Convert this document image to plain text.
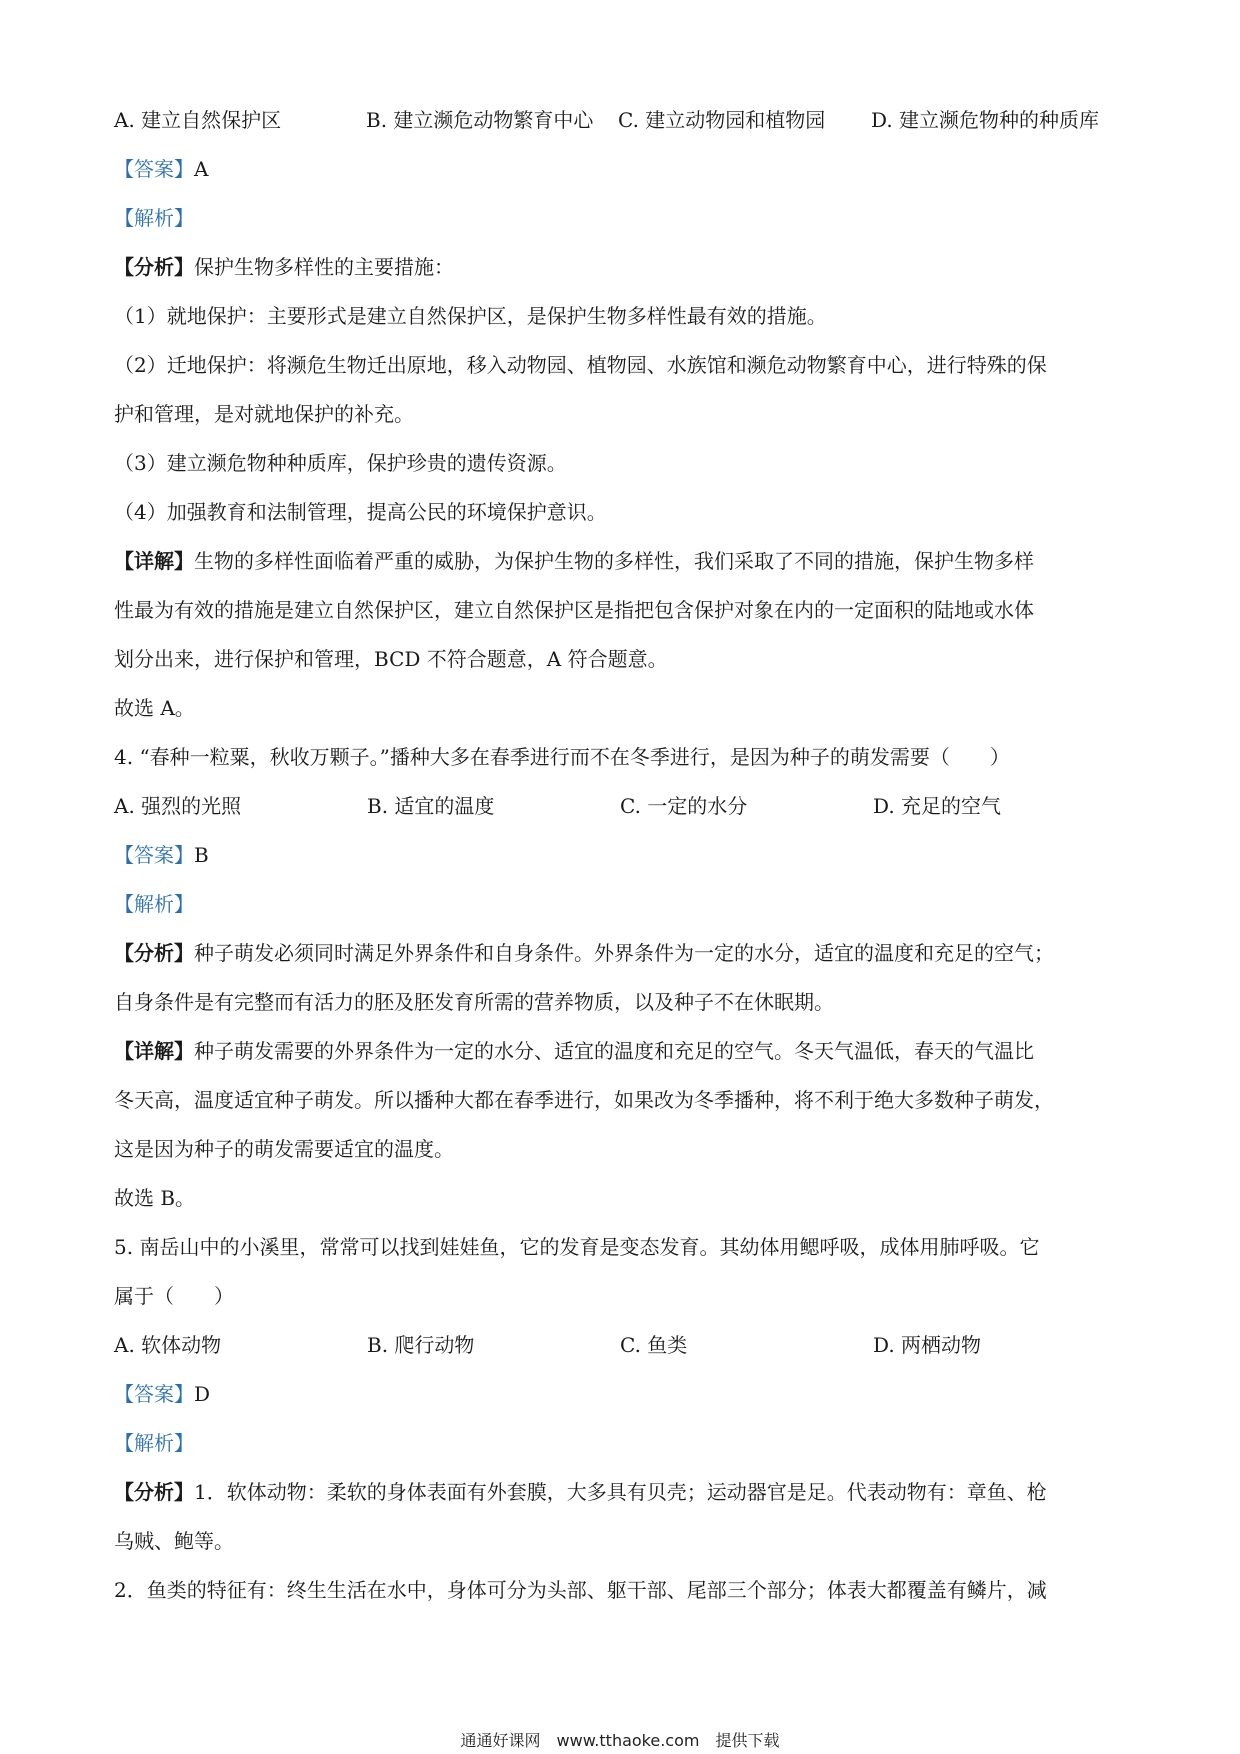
A. 建立自然保护区	B. 建立濒危动物繁育中心	C. 建立动物园和植物园	D. 建立濒危物种的种质库
【答案】A
【解析】
【分析】保护生物多样性的主要措施：
（1）就地保护：主要形式是建立自然保护区，是保护生物多样性最有效的措施。
（2）迁地保护：将濒危生物迁出原地，移入动物园、植物园、水族馆和濒危动物繁育中心，进行特殊的保
护和管理，是对就地保护的补充。
（3）建立濒危物种种质库，保护珍贵的遗传资源。
（4）加强教育和法制管理，提高公民的环境保护意识。
【详解】生物的多样性面临着严重的威胁，为保护生物的多样性，我们采取了不同的措施，保护生物多样
性最为有效的措施是建立自然保护区，建立自然保护区是指把包含保护对象在内的一定面积的陆地或水体
划分出来，进行保护和管理，BCD 不符合题意，A 符合题意。
故选 A。
4. “春种一粒粟，秋收万颗子。”播种大多在春季进行而不在冬季进行，是因为种子的萌发需要（　　）
A. 强烈的光照	B. 适宜的温度	C. 一定的水分	D. 充足的空气
【答案】B
【解析】
【分析】种子萌发必须同时满足外界条件和自身条件。外界条件为一定的水分，适宜的温度和充足的空气；
自身条件是有完整而有活力的胚及胚发育所需的营养物质，以及种子不在休眠期。
【详解】种子萌发需要的外界条件为一定的水分、适宜的温度和充足的空气。冬天气温低，春天的气温比
冬天高，温度适宜种子萌发。所以播种大都在春季进行，如果改为冬季播种，将不利于绝大多数种子萌发，
这是因为种子的萌发需要适宜的温度。
故选 B。
5. 南岳山中的小溪里，常常可以找到娃娃鱼，它的发育是变态发育。其幼体用鳃呼吸，成体用肺呼吸。它
属于（　　）
A. 软体动物	B. 爬行动物	C. 鱼类	D. 两栖动物
【答案】D
【解析】
【分析】1．软体动物：柔软的身体表面有外套膜，大多具有贝壳；运动器官是足。代表动物有：章鱼、枪
乌贼、鲍等。
2．鱼类的特征有：终生生活在水中，身体可分为头部、躯干部、尾部三个部分；体表大都覆盖有鳞片，减
通通好课网　www.tthaoke.com　提供下载
